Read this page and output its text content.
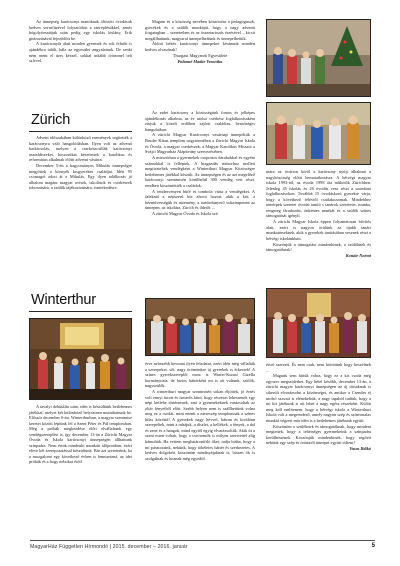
Az ünnepség karácsonyi manóknak öltözött óvodások kedves versefüzével folytatódott a szereplésükkel, zenés hógolyóesatájuk után pedig egy iskolás kislány, Erik gitározásával fejeződött be.

A karácsonyfa alatt minden gyermek és sok felnőtt is ajándékra talált, hála az egyesület angyalainak. De senki nem ment el üres kézzel, sokkal inkább örömmel teli szívvel.

Zürich

Advent időszakában különböző események segítették a karácsonyra való hangolódásban. Ilyen volt az adventi barkácsolás, melyen a cserkészcsillák karácsonyi asztaldíszeket, koszorúkat készítettek a katolikus és református alkalmak előtti adventi vásárra.

December 5-én a hagyományos Mikulás ünnepségre megjöttek a környék kisgyerekes családjai. Idén 95 csomagot adott át a Mikulás. Egy ilyen találkozás jó alkalom magánr magyar ovisok, iskolások és cserkészek toborzására, a szülők tájékoztatására, ismerkedésre.

Winterthur

A tavalyi debütálás után, idén is készültünk betlehemes játékkal, melyet két különböző helyszínen mutathattunk be. Először december 6-án, Winterthurban, a magyar szentmise keretei között léptünk fel a Szent Péter és Pál templomban. Még a próbák megkezdése előtt elvállaltunk egy vendégszereplést is, így december 13-án a Zürichi Magyar Óvoda és Iskola karácsonyi ünnepségén állhattunk színpadra. Nem értük mindenki munkáit időpontban, ezért eleve két szereposztással készültünk. Bár azt szeretnénk, ha a mozgalomt egy következő évben is fenntartaná, az idei próbák és a hogy nebokat érőd

Magam és a közösség nevében köszönöm a pedagógusok, gyerekek és a szülők munkáját, hogy a nagy adventi forgatagban – szeretetben és az összetartozás érzésével – kicsit megállhattunk, magyarul ünnepelhettünk és ünnepelhettük.

Áldott békés karácsonyi ünnepeket kívánunk minden kedves olvasónak!

Thurgaui Magyarok Egyesülete

Paltomé Madár Veronika

Az erdei karácsony a közösségünk fontos és jelképes ajándékozás alkalma, az év utolsó cserkész foglalkozásaként zárjuk a közeli erdőben zajlott családias, bensőséges hangulatban.

A zürichi Magyar Karácsonyt vasárnap ünnepeltük a Bruder Klaus templom nagytermében a Zürichi Magyar Iskola és Óvoda, a magyar cserkészek, a Magyar Katolikus Misszió a Svájci Magyarház Alapítvány szervezésében.

A misszórban a gyermekek csoportos darabokkal és egyéni számokkal is felléptek. A bizgazdás műsorhoz mellett megtiszteltek vendégként a Winterthuri Magyar Közösségre betlehemes játékkal készült. Az ünnepségen és az azt megelőző karácsonyi szentmisén körülbelül 300 vendég vett részt, rendben köszöntötték a családok.

A rendezvényen büfé és tombola várta a vendégeket. A falaknál a népszerű kör ahová hozott, akik a kör, a kézművességük és sütemény, a tombolanyerő vokaimpotent az ünnepen, az iskolára, Zürich és ihletőt ...

A zürichi Magyar Óvoda és Iskola szé

érve nehezebb bevonni ilyen feladatra, ezért idén még vállalták a szerepeket, sőt, nagy örömünkre új gyerekek is érkeztek! A színes gyerekszereplőt most is Winter-Kurasi Gizella kormányozta, de biztos háttérként mi is ott voltunk, szülők, nagyszülők.

A winterthuri magyar szentmisén sokan éljöttek, jó érzés volt ennyi futott és ismerős látni, hogy részesei lehessenek egy népi betlehe történetnek, ami a gyermekeknek varázsoltak az oltár fényeiből előtt. Szebb helyen nem is szállhettünk volna meg ez a csodát, mint ennek a meseszép templomnak a színes hilas közöttű! A gyerekek nagy hévvel, bátran és kiválóan szerepeltek, mint a ruhájuk, a díszlet, a kellékek, a fények, a dal és zene és a hangok, mind egytől egyig elvarázsolták. Akik itt a szent esten voltak, hogy a csecsemők is milyen szeretettel alig bámulták. Ha vettem meghatárontfiló őket, tudja hiába, hogy a mi pásztoraink, nekünk, hogy tökéletes háttér és szerkezetes. A kedves dolgokért köszönöm mindnyájuknak is, hiszen ők is szolgálnak és hoznak még egyedül.

mára az óvárion kívül a karácsony nyújt alkalmat a nagyközösség előtti bemutatkozásra. A hétvégi magyar iskola 1993-tól, az óvoda 1998 óta működik Zürichben. Jelenleg 45 iskolás és 26 óvodás vesz részt a szombati foglalkozásokon. Továbbá 15 óvodáskorú gyerekre várja, hogy a következő félévtől csatlakozzanak. Mindehhez temérpek szeretet óvodai tanító s tanárok szeretetet, munka, rengeteg fáradozást, önkéntes munkát és a szülők színes támogatását igényli.

A zürichi Magyar Iskola éppen folyamatosan bővítés alatt, ezért is nagyon örülünk az újabb tanári munkatárseknek, akik a gyerekek tanításában vesznek részt a hétvégi iskolánkban.

Köszönjük a támogatást mindenkinek, a szülőknek és támogatóknak!

Kontár Noémi

ércet szerzett. És nem csak, nem kötöttünk hogy beszélnek ...

Magunk sem hittük volna, hogy ez a kis csoda még egyszer megszülethet. Egy hétel később, december 13-án, a zürichi magyar karácsonyi ünnepségen az új társaknak is sikerült elvarázsolni a közönséget, és amikor a Csendes éj utolsó szavait is elénekeltük, a nagy tapsból tudtuk, hogy a mi kis játékunk is ott lehet a nagy egész részeként. Külön meg kell említenem, hogy a hétvégi iskola a Winterthuri Iskola volt a megrendező, amely nagyon szép és színvonalas munkát végzett már idén is a betlehemes játékunk együtt.

Köszönöm a szülőknek és támogatóknak, hogy mindent megtettek, hogy a tehetséges gyermekeink a színpadra kerülhessenek. Köszönjük mindenkinek, hogy segített nekünk egy szép és örömteli ünnepet együtt tölteni!

Vasas Ildikó

MagyarHáz Független Hírmondó | 2015. december – 2016. január	5
